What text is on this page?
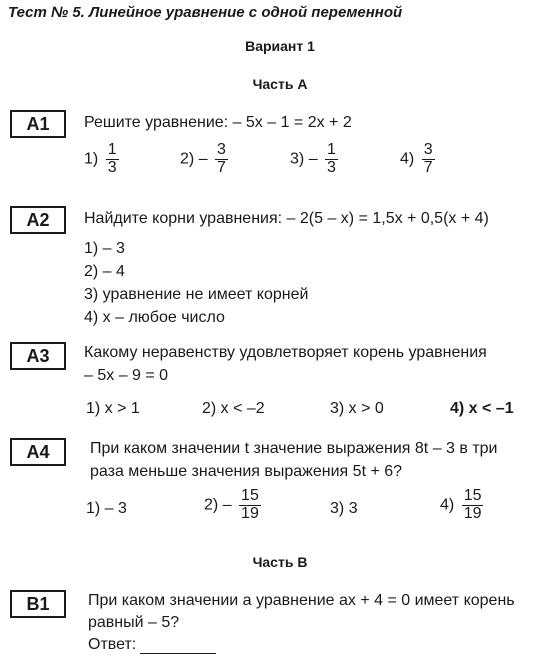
Тест № 5. Линейное уравнение с одной переменной
Вариант 1
Часть А
А1	Решите уравнение: – 5x – 1 = 2x + 2
$1) \frac{1}{3}$	$2) - \frac{3}{7}$	$3) - \frac{1}{3}$	$4) \frac{3}{7}$
А2	Найдите корни уравнения: – 2(5 – x) = 1,5x + 0,5(x + 4)
1) – 3
2) – 4
3) уравнение не имеет корней
4) x – любое число
А3	Какому неравенству удовлетворяет корень уравнения
– 5x – 9 = 0
1) x > 1	2) x < –2	3) x > 0	4) x < –1
А4	При каком значении t значение выражения 8t – 3 в три
раза меньше значения выражения 5t + 6?
1) – 3	$2) - \frac{15}{19}$	3) 3	$4) \frac{15}{19}$
Часть В
В1	При каком значении a уравнение ax + 4 = 0 имеет корень
равный – 5?
Ответ:
